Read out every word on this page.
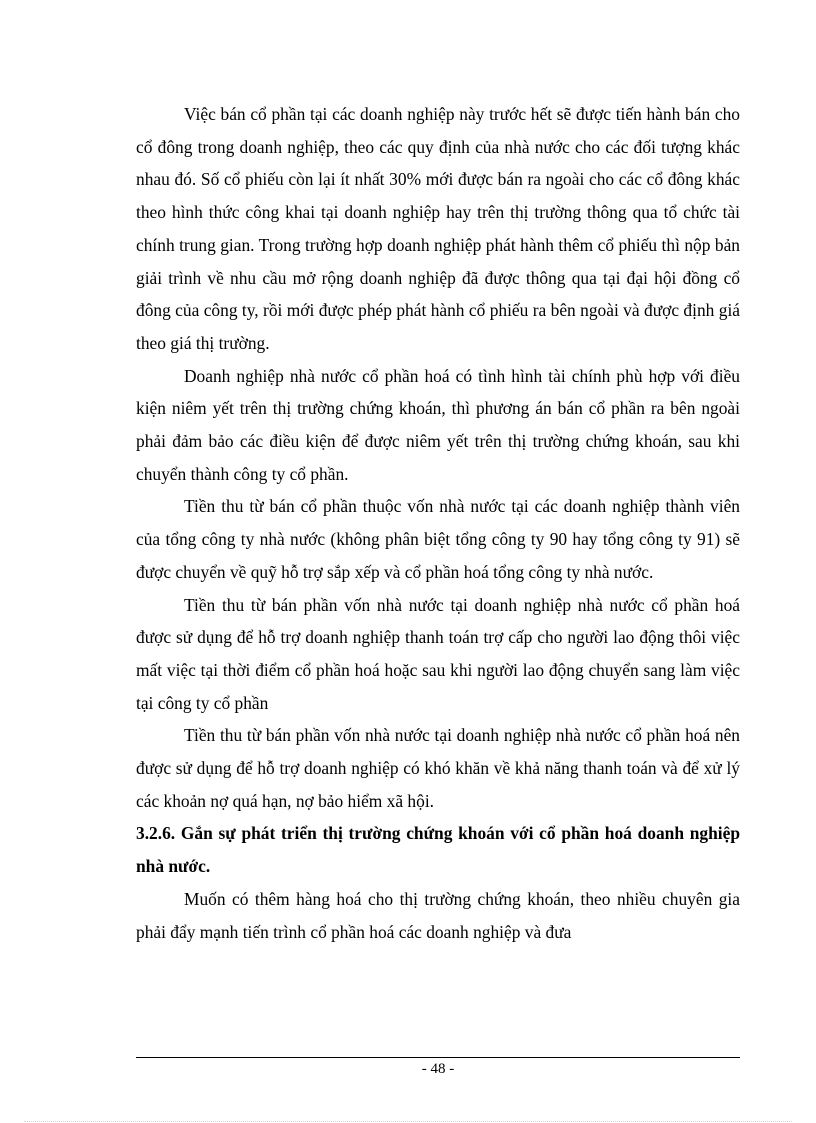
Việc bán cổ phần tại các doanh nghiệp này trước hết sẽ được tiến hành bán cho cổ đông trong doanh nghiệp, theo các quy định của nhà nước cho các đối tượng khác nhau đó. Số cổ phiếu còn lại ít nhất 30% mới được bán ra ngoài cho các cổ đông khác theo hình thức công khai tại doanh nghiệp hay trên thị trường thông qua tổ chức tài chính trung gian. Trong trường hợp doanh nghiệp phát hành thêm cổ phiếu thì nộp bản giải trình về nhu cầu mở rộng doanh nghiệp đã được thông qua tại đại hội đồng cổ đông của công ty, rồi mới được phép phát hành cổ phiếu ra bên ngoài và được định giá theo giá thị trường.

Doanh nghiệp nhà nước cổ phần hoá có tình hình tài chính phù hợp với điều kiện niêm yết trên thị trường chứng khoán, thì phương án bán cổ phần ra bên ngoài phải đảm bảo các điều kiện để được niêm yết trên thị trường chứng khoán, sau khi chuyển thành công ty cổ phần.

Tiền thu từ bán cổ phần thuộc vốn nhà nước tại các doanh nghiệp thành viên của tổng công ty nhà nước (không phân biệt tổng công ty 90 hay tổng công ty 91) sẽ được chuyển về quỹ hỗ trợ sắp xếp và cổ phần hoá tổng công ty nhà nước.

Tiền thu từ bán phần vốn nhà nước tại doanh nghiệp nhà nước cổ phần hoá được sử dụng để hỗ trợ doanh nghiệp thanh toán trợ cấp cho người lao động thôi việc mất việc tại thời điểm cổ phần hoá hoặc sau khi người lao động chuyển sang làm việc tại công ty cổ phần

Tiền thu từ bán phần vốn nhà nước tại doanh nghiệp nhà nước cổ phần hoá nên được sử dụng để hỗ trợ doanh nghiệp có khó khăn về khả năng thanh toán và để xử lý các khoản nợ quá hạn, nợ bảo hiểm xã hội.

3.2.6. Gắn sự phát triển thị trường chứng khoán với cổ phần hoá doanh nghiệp nhà nước.

Muốn có thêm hàng hoá cho thị trường chứng khoán, theo nhiều chuyên gia phải đẩy mạnh tiến trình cổ phần hoá các doanh nghiệp và đưa

- 48 -
